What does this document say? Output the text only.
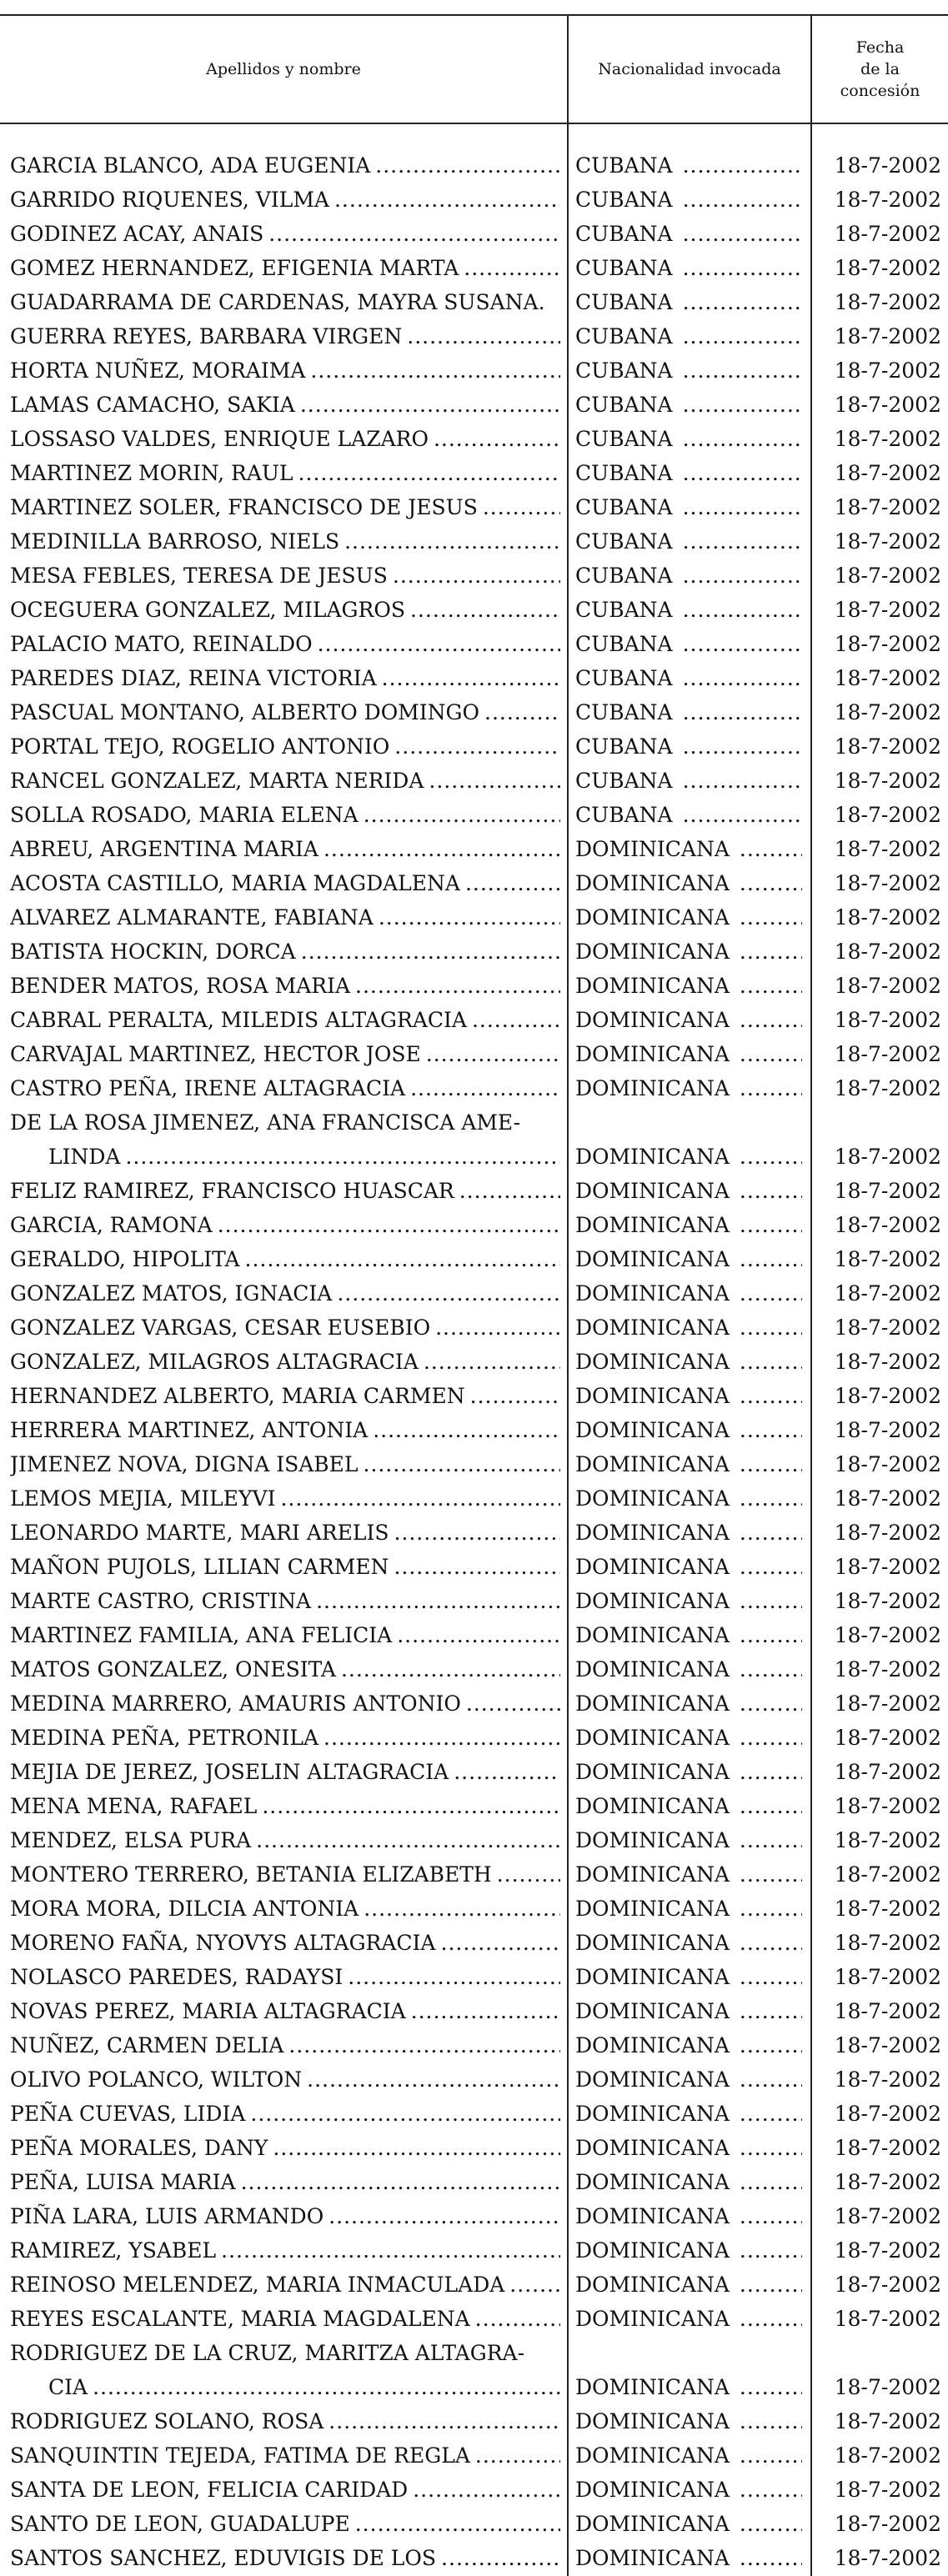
Apellidos y nombre	Nacionalidad invocada
Fecha
de la
concesión
GARCIA BLANCO, ADA EUGENIA .....	CUBANA .....	18-7-2002
GARRIDO RIQUENES, VILMA .....	CUBANA .....	18-7-2002
GODINEZ ACAY, ANAIS .....	CUBANA .....	18-7-2002
GOMEZ HERNANDEZ, EFIGENIA MARTA .....	CUBANA .....	18-7-2002
GUADARRAMA DE CARDENAS, MAYRA SUSANA. CUBANA .....	18-7-2002
GUERRA REYES, BARBARA VIRGEN .....	CUBANA .....	18-7-2002
HORTA NUÑEZ, MORAIMA .....	CUBANA .....	18-7-2002
LAMAS CAMACHO, SAKIA .....	CUBANA .....	18-7-2002
LOSSASO VALDES, ENRIQUE LAZARO .....	CUBANA .....	18-7-2002
MARTINEZ MORIN, RAUL .....	CUBANA .....	18-7-2002
MARTINEZ SOLER, FRANCISCO DE JESUS .....	CUBANA .....	18-7-2002
MEDINILLA BARROSO, NIELS .....	CUBANA .....	18-7-2002
MESA FEBLES, TERESA DE JESUS .....	CUBANA .....	18-7-2002
OCEGUERA GONZALEZ, MILAGROS .....	CUBANA .....	18-7-2002
PALACIO MATO, REINALDO .....	CUBANA .....	18-7-2002
PAREDES DIAZ, REINA VICTORIA .....	CUBANA .....	18-7-2002
PASCUAL MONTANO, ALBERTO DOMINGO .....	CUBANA .....	18-7-2002
PORTAL TEJO, ROGELIO ANTONIO .....	CUBANA .....	18-7-2002
RANCEL GONZALEZ, MARTA NERIDA .....	CUBANA .....	18-7-2002
SOLLA ROSADO, MARIA ELENA .....	CUBANA .....	18-7-2002
ABREU, ARGENTINA MARIA .....	DOMINICANA .....	18-7-2002
ACOSTA CASTILLO, MARIA MAGDALENA .....	DOMINICANA .....	18-7-2002
ALVAREZ ALMARANTE, FABIANA .....	DOMINICANA .....	18-7-2002
BATISTA HOCKIN, DORCA .....	DOMINICANA .....	18-7-2002
BENDER MATOS, ROSA MARIA .....	DOMINICANA .....	18-7-2002
CABRAL PERALTA, MILEDIS ALTAGRACIA .....	DOMINICANA .....	18-7-2002
CARVAJAL MARTINEZ, HECTOR JOSE .....	DOMINICANA .....	18-7-2002
CASTRO PEÑA, IRENE ALTAGRACIA .....	DOMINICANA .....	18-7-2002
DE LA ROSA JIMENEZ, ANA FRANCISCA AME-
LINDA .....	DOMINICANA .....	18-7-2002
FELIZ RAMIREZ, FRANCISCO HUASCAR .....	DOMINICANA .....	18-7-2002
GARCIA, RAMONA .....	DOMINICANA .....	18-7-2002
GERALDO, HIPOLITA .....	DOMINICANA .....	18-7-2002
GONZALEZ MATOS, IGNACIA .....	DOMINICANA .....	18-7-2002
GONZALEZ VARGAS, CESAR EUSEBIO .....	DOMINICANA .....	18-7-2002
GONZALEZ, MILAGROS ALTAGRACIA .....	DOMINICANA .....	18-7-2002
HERNANDEZ ALBERTO, MARIA CARMEN .....	DOMINICANA .....	18-7-2002
HERRERA MARTINEZ, ANTONIA .....	DOMINICANA .....	18-7-2002
JIMENEZ NOVA, DIGNA ISABEL .....	DOMINICANA .....	18-7-2002
LEMOS MEJIA, MILEYVI .....	DOMINICANA .....	18-7-2002
LEONARDO MARTE, MARI ARELIS .....	DOMINICANA .....	18-7-2002
MAÑON PUJOLS, LILIAN CARMEN .....	DOMINICANA .....	18-7-2002
MARTE CASTRO, CRISTINA .....	DOMINICANA .....	18-7-2002
MARTINEZ FAMILIA, ANA FELICIA .....	DOMINICANA .....	18-7-2002
MATOS GONZALEZ, ONESITA .....	DOMINICANA .....	18-7-2002
MEDINA MARRERO, AMAURIS ANTONIO .....	DOMINICANA .....	18-7-2002
MEDINA PEÑA, PETRONILA .....	DOMINICANA .....	18-7-2002
MEJIA DE JEREZ, JOSELIN ALTAGRACIA .....	DOMINICANA .....	18-7-2002
MENA MENA, RAFAEL .....	DOMINICANA .....	18-7-2002
MENDEZ, ELSA PURA .....	DOMINICANA .....	18-7-2002
MONTERO TERRERO, BETANIA ELIZABETH .....	DOMINICANA .....	18-7-2002
MORA MORA, DILCIA ANTONIA .....	DOMINICANA .....	18-7-2002
MORENO FAÑA, NYOVYS ALTAGRACIA .....	DOMINICANA .....	18-7-2002
NOLASCO PAREDES, RADAYSI .....	DOMINICANA .....	18-7-2002
NOVAS PEREZ, MARIA ALTAGRACIA .....	DOMINICANA .....	18-7-2002
NUÑEZ, CARMEN DELIA .....	DOMINICANA .....	18-7-2002
OLIVO POLANCO, WILTON .....	DOMINICANA .....	18-7-2002
PEÑA CUEVAS, LIDIA .....	DOMINICANA .....	18-7-2002
PEÑA MORALES, DANY .....	DOMINICANA .....	18-7-2002
PEÑA, LUISA MARIA .....	DOMINICANA .....	18-7-2002
PIÑA LARA, LUIS ARMANDO .....	DOMINICANA .....	18-7-2002
RAMIREZ, YSABEL .....	DOMINICANA .....	18-7-2002
REINOSO MELENDEZ, MARIA INMACULADA .....	DOMINICANA .....	18-7-2002
REYES ESCALANTE, MARIA MAGDALENA .....	DOMINICANA .....	18-7-2002
RODRIGUEZ DE LA CRUZ, MARITZA ALTAGRA-
CIA .....	DOMINICANA .....	18-7-2002
RODRIGUEZ SOLANO, ROSA .....	DOMINICANA .....	18-7-2002
SANQUINTIN TEJEDA, FATIMA DE REGLA .....	DOMINICANA .....	18-7-2002
SANTA DE LEON, FELICIA CARIDAD .....	DOMINICANA .....	18-7-2002
SANTO DE LEON, GUADALUPE .....	DOMINICANA .....	18-7-2002
SANTOS SANCHEZ, EDUVIGIS DE LOS .....	DOMINICANA .....	18-7-2002
